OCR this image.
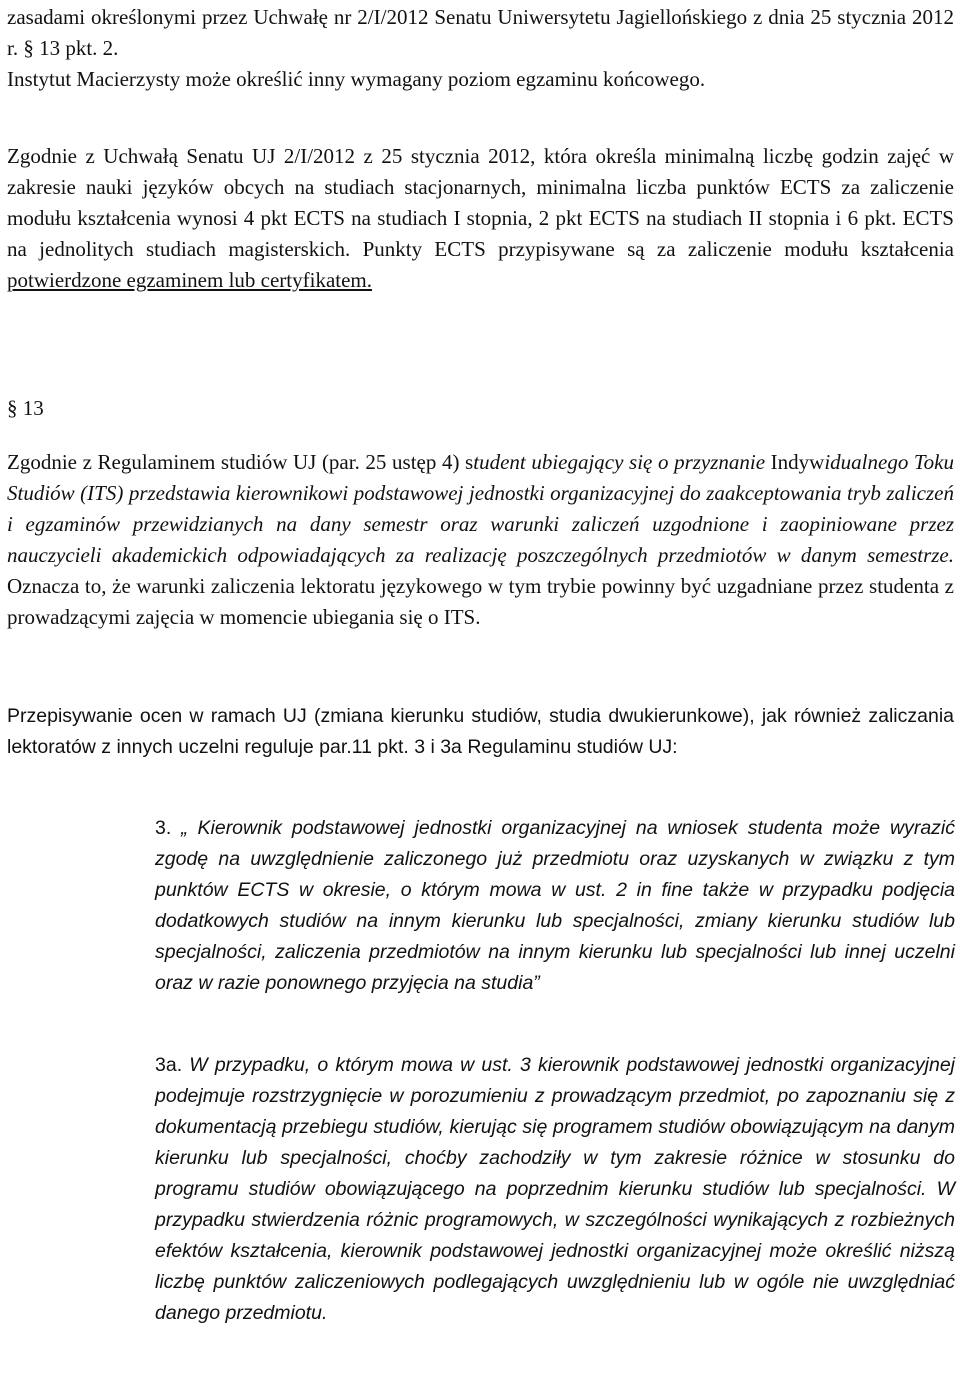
zasadami określonymi przez Uchwałę nr 2/I/2012 Senatu Uniwersytetu Jagiellońskiego z dnia 25 stycznia 2012 r. § 13 pkt. 2.

Instytut Macierzysty może określić inny wymagany poziom egzaminu końcowego.

Zgodnie z Uchwałą Senatu UJ 2/I/2012 z 25 stycznia 2012, która określa minimalną liczbę godzin zajęć w zakresie nauki języków obcych na studiach stacjonarnych, minimalna liczba punktów ECTS za zaliczenie modułu kształcenia wynosi 4 pkt ECTS na studiach I stopnia, 2 pkt ECTS na studiach II stopnia i 6 pkt. ECTS na jednolitych studiach magisterskich. Punkty ECTS przypisywane są za zaliczenie modułu kształcenia potwierdzone egzaminem lub certyfikatem.

§ 13

Zgodnie z Regulaminem studiów UJ (par. 25 ustęp 4) student ubiegający się o przyznanie Indywidualnego Toku Studiów (ITS) przedstawia kierownikowi podstawowej jednostki organizacyjnej do zaakceptowania tryb zaliczeń i egzaminów przewidzianych na dany semestr oraz warunki zaliczeń uzgodnione i zaopiniowane przez nauczycieli akademickich odpowiadających za realizację poszczególnych przedmiotów w danym semestrze. Oznacza to, że warunki zaliczenia lektoratu językowego w tym trybie powinny być uzgadniane przez studenta z prowadzącymi zajęcia w momencie ubiegania się o ITS.

Przepisywanie ocen w ramach UJ (zmiana kierunku studiów, studia dwukierunkowe), jak również zaliczania lektoratów z innych uczelni reguluje par.11 pkt. 3 i 3a Regulaminu studiów UJ:

3. „ Kierownik podstawowej jednostki organizacyjnej na wniosek studenta może wyrazić zgodę na uwzględnienie zaliczonego już przedmiotu oraz uzyskanych w związku z tym punktów ECTS w okresie, o którym mowa w ust. 2 in fine także w przypadku podjęcia dodatkowych studiów na innym kierunku lub specjalności, zmiany kierunku studiów lub specjalności, zaliczenia przedmiotów na innym kierunku lub specjalności lub innej uczelni oraz w razie ponownego przyjęcia na studia”

3a. W przypadku, o którym mowa w ust. 3 kierownik podstawowej jednostki organizacyjnej podejmuje rozstrzygnięcie w porozumieniu z prowadzącym przedmiot, po zapoznaniu się z dokumentacją przebiegu studiów, kierując się programem studiów obowiązującym na danym kierunku lub specjalności, choćby zachodziły w tym zakresie różnice w stosunku do programu studiów obowiązującego na poprzednim kierunku studiów lub specjalności. W przypadku stwierdzenia różnic programowych, w szczególności wynikających z rozbieżnych efektów kształcenia, kierownik podstawowej jednostki organizacyjnej może określić niższą liczbę punktów zaliczeniowych podlegających uwzględnieniu lub w ogóle nie uwzględniać danego przedmiotu.
